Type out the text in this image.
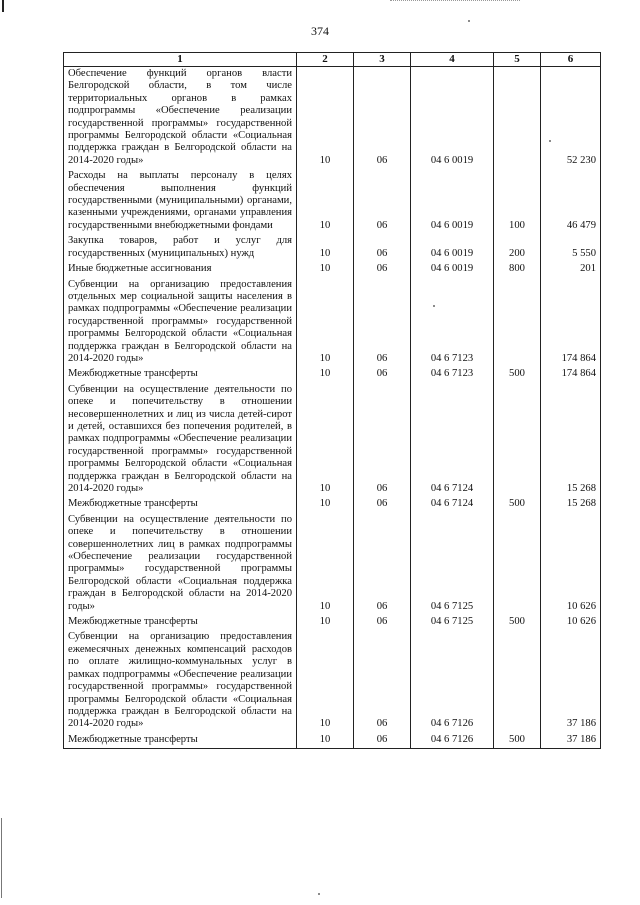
374
1	2	3	4	5	6
Обеспечение функций органов власти Белгородской области, в том числе территориальных органов в рамках подпрограммы «Обеспечение реализации государственной программы» государственной программы Белгородской области «Социальная поддержка граждан в Белгородской области на 2014-2020 годы»	10	06	04 6 0019		52 230
Расходы на выплаты персоналу в целях обеспечения выполнения функций государственными (муниципальными) органами, казенными учреждениями, органами управления государственными внебюджетными фондами	10	06	04 6 0019	100	46 479
Закупка товаров, работ и услуг для государственных (муниципальных) нужд	10	06	04 6 0019	200	5 550
Иные бюджетные ассигнования	10	06	04 6 0019	800	201
Субвенции на организацию предоставления отдельных мер социальной защиты населения в рамках подпрограммы «Обеспечение реализации государственной программы» государственной программы Белгородской области «Социальная поддержка граждан в Белгородской области на 2014-2020 годы»	10	06	04 6 7123		174 864
Межбюджетные трансферты	10	06	04 6 7123	500	174 864
Субвенции на осуществление деятельности по опеке и попечительству в отношении несовершеннолетних и лиц из числа детей-сирот и детей, оставшихся без попечения родителей, в рамках подпрограммы «Обеспечение реализации государственной программы» государственной программы Белгородской области «Социальная поддержка граждан в Белгородской области на 2014-2020 годы»	10	06	04 6 7124		15 268
Межбюджетные трансферты	10	06	04 6 7124	500	15 268
Субвенции на осуществление деятельности по опеке и попечительству в отношении совершеннолетних лиц в рамках подпрограммы «Обеспечение реализации государственной программы» государственной программы Белгородской области «Социальная поддержка граждан в Белгородской области на 2014-2020 годы»	10	06	04 6 7125		10 626
Межбюджетные трансферты	10	06	04 6 7125	500	10 626
Субвенции на организацию предоставления ежемесячных денежных компенсаций расходов по оплате жилищно-коммунальных услуг в рамках подпрограммы «Обеспечение реализации государственной программы» государственной программы Белгородской области «Социальная поддержка граждан в Белгородской области на 2014-2020 годы»	10	06	04 6 7126		37 186
Межбюджетные трансферты	10	06	04 6 7126	500	37 186
